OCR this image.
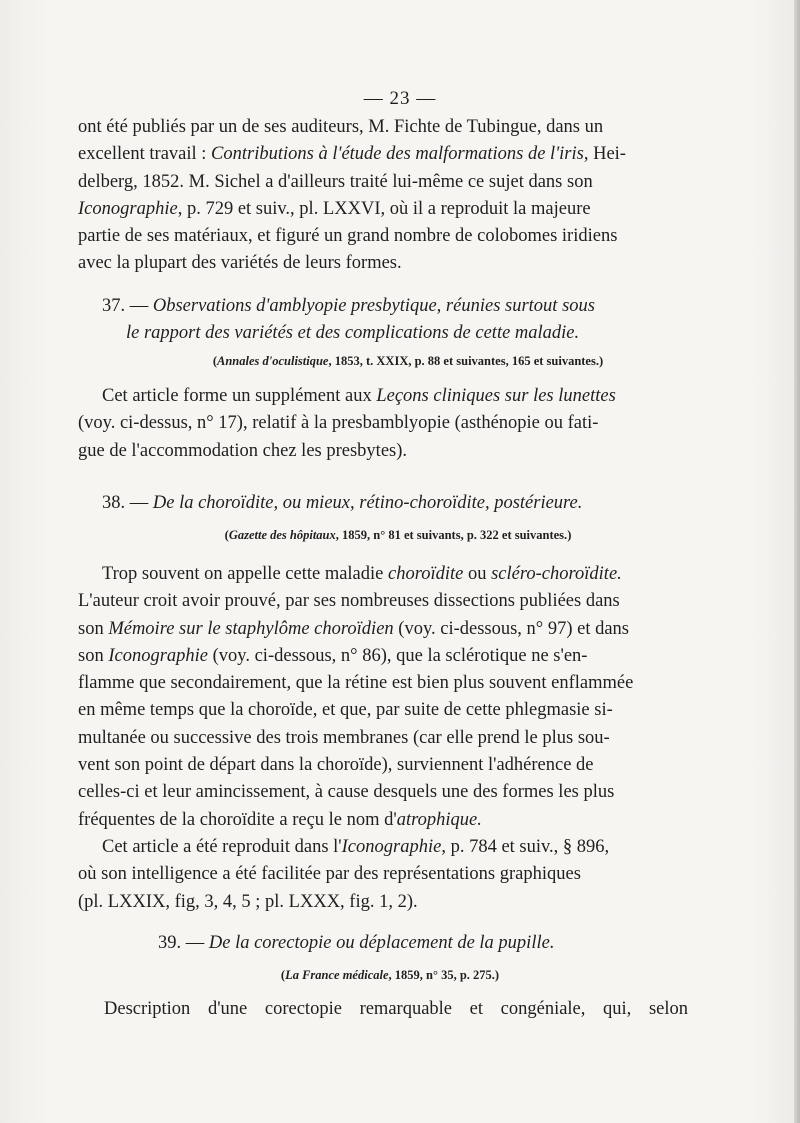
— 23 —

ont été publiés par un de ses auditeurs, M. Fichte de Tubingue, dans un

excellent travail : Contributions à l'étude des malformations de l'iris, Hei-

delberg, 1852. M. Sichel a d'ailleurs traité lui-même ce sujet dans son

Iconographie, p. 729 et suiv., pl. LXXVI, où il a reproduit la majeure

partie de ses matériaux, et figuré un grand nombre de colobomes iridiens

avec la plupart des variétés de leurs formes.

37. — Observations d'amblyopie presbytique, réunies surtout sous
le rapport des variétés et des complications de cette maladie.
(Annales d'oculistique, 1853, t. XXIX, p. 88 et suivantes, 165 et suivantes.)

Cet article forme un supplément aux Leçons cliniques sur les lunettes

(voy. ci-dessus, n° 17), relatif à la presbamblyopie (asthénopie ou fati-

gue de l'accommodation chez les presbytes).

38. — De la choroïdite, ou mieux, rétino-choroïdite, postérieure.
(Gazette des hôpitaux, 1859, n° 81 et suivants, p. 322 et suivantes.)

Trop souvent on appelle cette maladie choroïdite ou scléro-choroïdite.

L'auteur croit avoir prouvé, par ses nombreuses dissections publiées dans

son Mémoire sur le staphylôme choroïdien (voy. ci-dessous, n° 97) et dans

son Iconographie (voy. ci-dessous, n° 86), que la sclérotique ne s'en-

flamme que secondairement, que la rétine est bien plus souvent enflammée

en même temps que la choroïde, et que, par suite de cette phlegmasie si-

multanée ou successive des trois membranes (car elle prend le plus sou-

vent son point de départ dans la choroïde), surviennent l'adhérence de

celles-ci et leur amincissement, à cause desquels une des formes les plus

fréquentes de la choroïdite a reçu le nom d'atrophique.

Cet article a été reproduit dans l'Iconographie, p. 784 et suiv., § 896,

où son intelligence a été facilitée par des représentations graphiques

(pl. LXXIX, fig, 3, 4, 5 ; pl. LXXX, fig. 1, 2).

39. — De la corectopie ou déplacement de la pupille.
(La France médicale, 1859, n° 35, p. 275.)

Description d'une corectopie remarquable et congéniale, qui, selon
